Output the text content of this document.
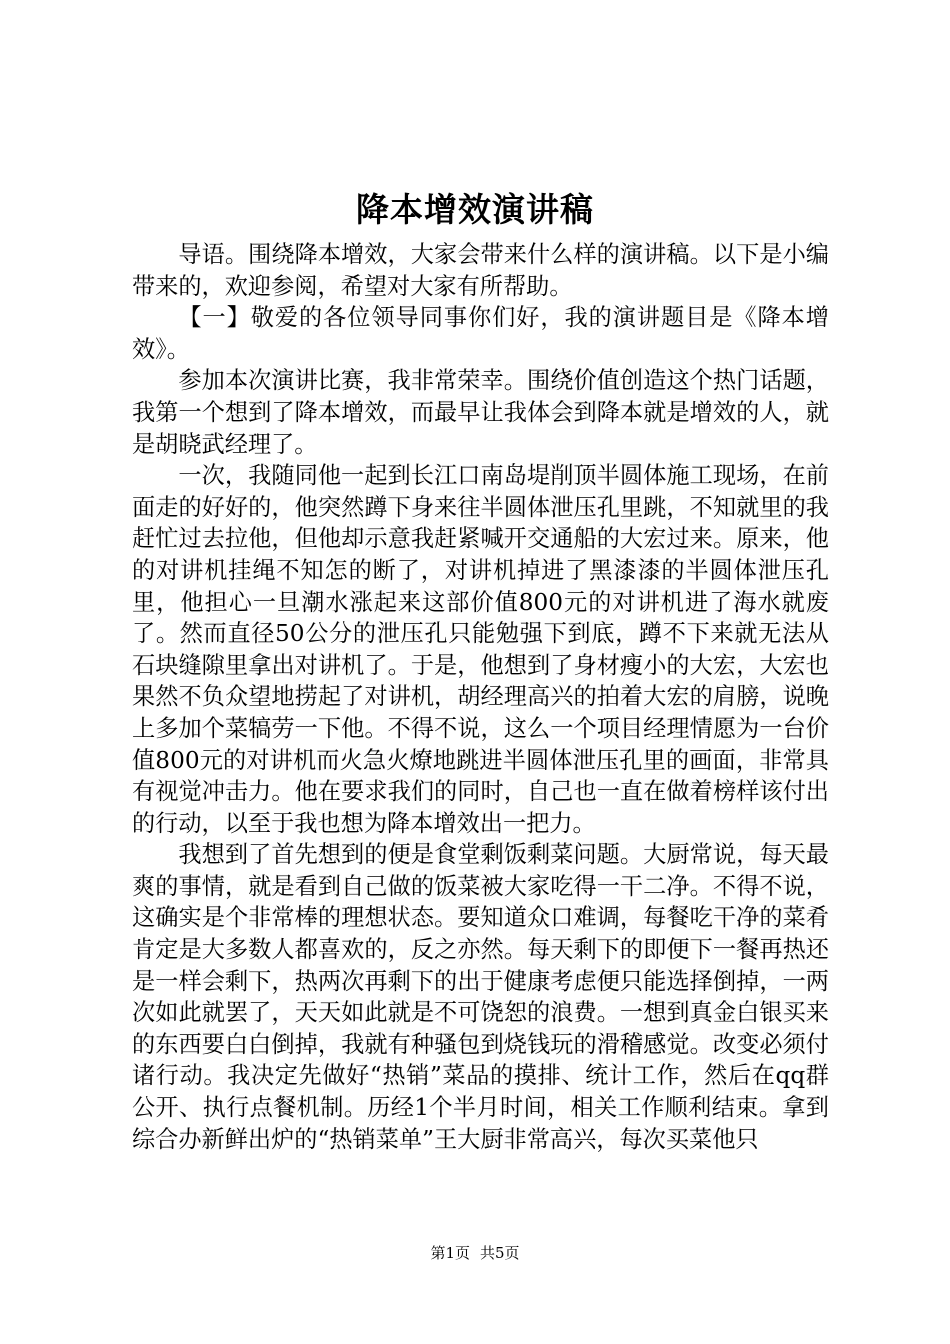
降本增效演讲稿

导语。围绕降本增效，大家会带来什么样的演讲稿。以下是小编带来的，欢迎参阅，希望对大家有所帮助。

【一】敬爱的各位领导同事你们好，我的演讲题目是《降本增效》。

参加本次演讲比赛，我非常荣幸。围绕价值创造这个热门话题，我第一个想到了降本增效，而最早让我体会到降本就是增效的人，就是胡晓武经理了。

一次，我随同他一起到长江口南岛堤削顶半圆体施工现场，在前面走的好好的，他突然蹲下身来往半圆体泄压孔里跳，不知就里的我赶忙过去拉他，但他却示意我赶紧喊开交通船的大宏过来。原来，他的对讲机挂绳不知怎的断了，对讲机掉进了黑漆漆的半圆体泄压孔里，他担心一旦潮水涨起来这部价值800元的对讲机进了海水就废了。然而直径50公分的泄压孔只能勉强下到底，蹲不下来就无法从石块缝隙里拿出对讲机了。于是，他想到了身材瘦小的大宏，大宏也果然不负众望地捞起了对讲机，胡经理高兴的拍着大宏的肩膀，说晚上多加个菜犒劳一下他。不得不说，这么一个项目经理情愿为一台价值800元的对讲机而火急火燎地跳进半圆体泄压孔里的画面，非常具有视觉冲击力。他在要求我们的同时，自己也一直在做着榜样该付出的行动，以至于我也想为降本增效出一把力。

我想到了首先想到的便是食堂剩饭剩菜问题。大厨常说，每天最爽的事情，就是看到自己做的饭菜被大家吃得一干二净。不得不说，这确实是个非常棒的理想状态。要知道众口难调，每餐吃干净的菜肴肯定是大多数人都喜欢的，反之亦然。每天剩下的即便下一餐再热还是一样会剩下，热两次再剩下的出于健康考虑便只能选择倒掉，一两次如此就罢了，天天如此就是不可饶恕的浪费。一想到真金白银买来的东西要白白倒掉，我就有种骚包到烧钱玩的滑稽感觉。改变必须付诸行动。我决定先做好“热销”菜品的摸排、统计工作，然后在qq群公开、执行点餐机制。历经1个半月时间，相关工作顺利结束。拿到综合办新鲜出炉的“热销菜单”王大厨非常高兴，每次买菜他只

第1页 共5页
